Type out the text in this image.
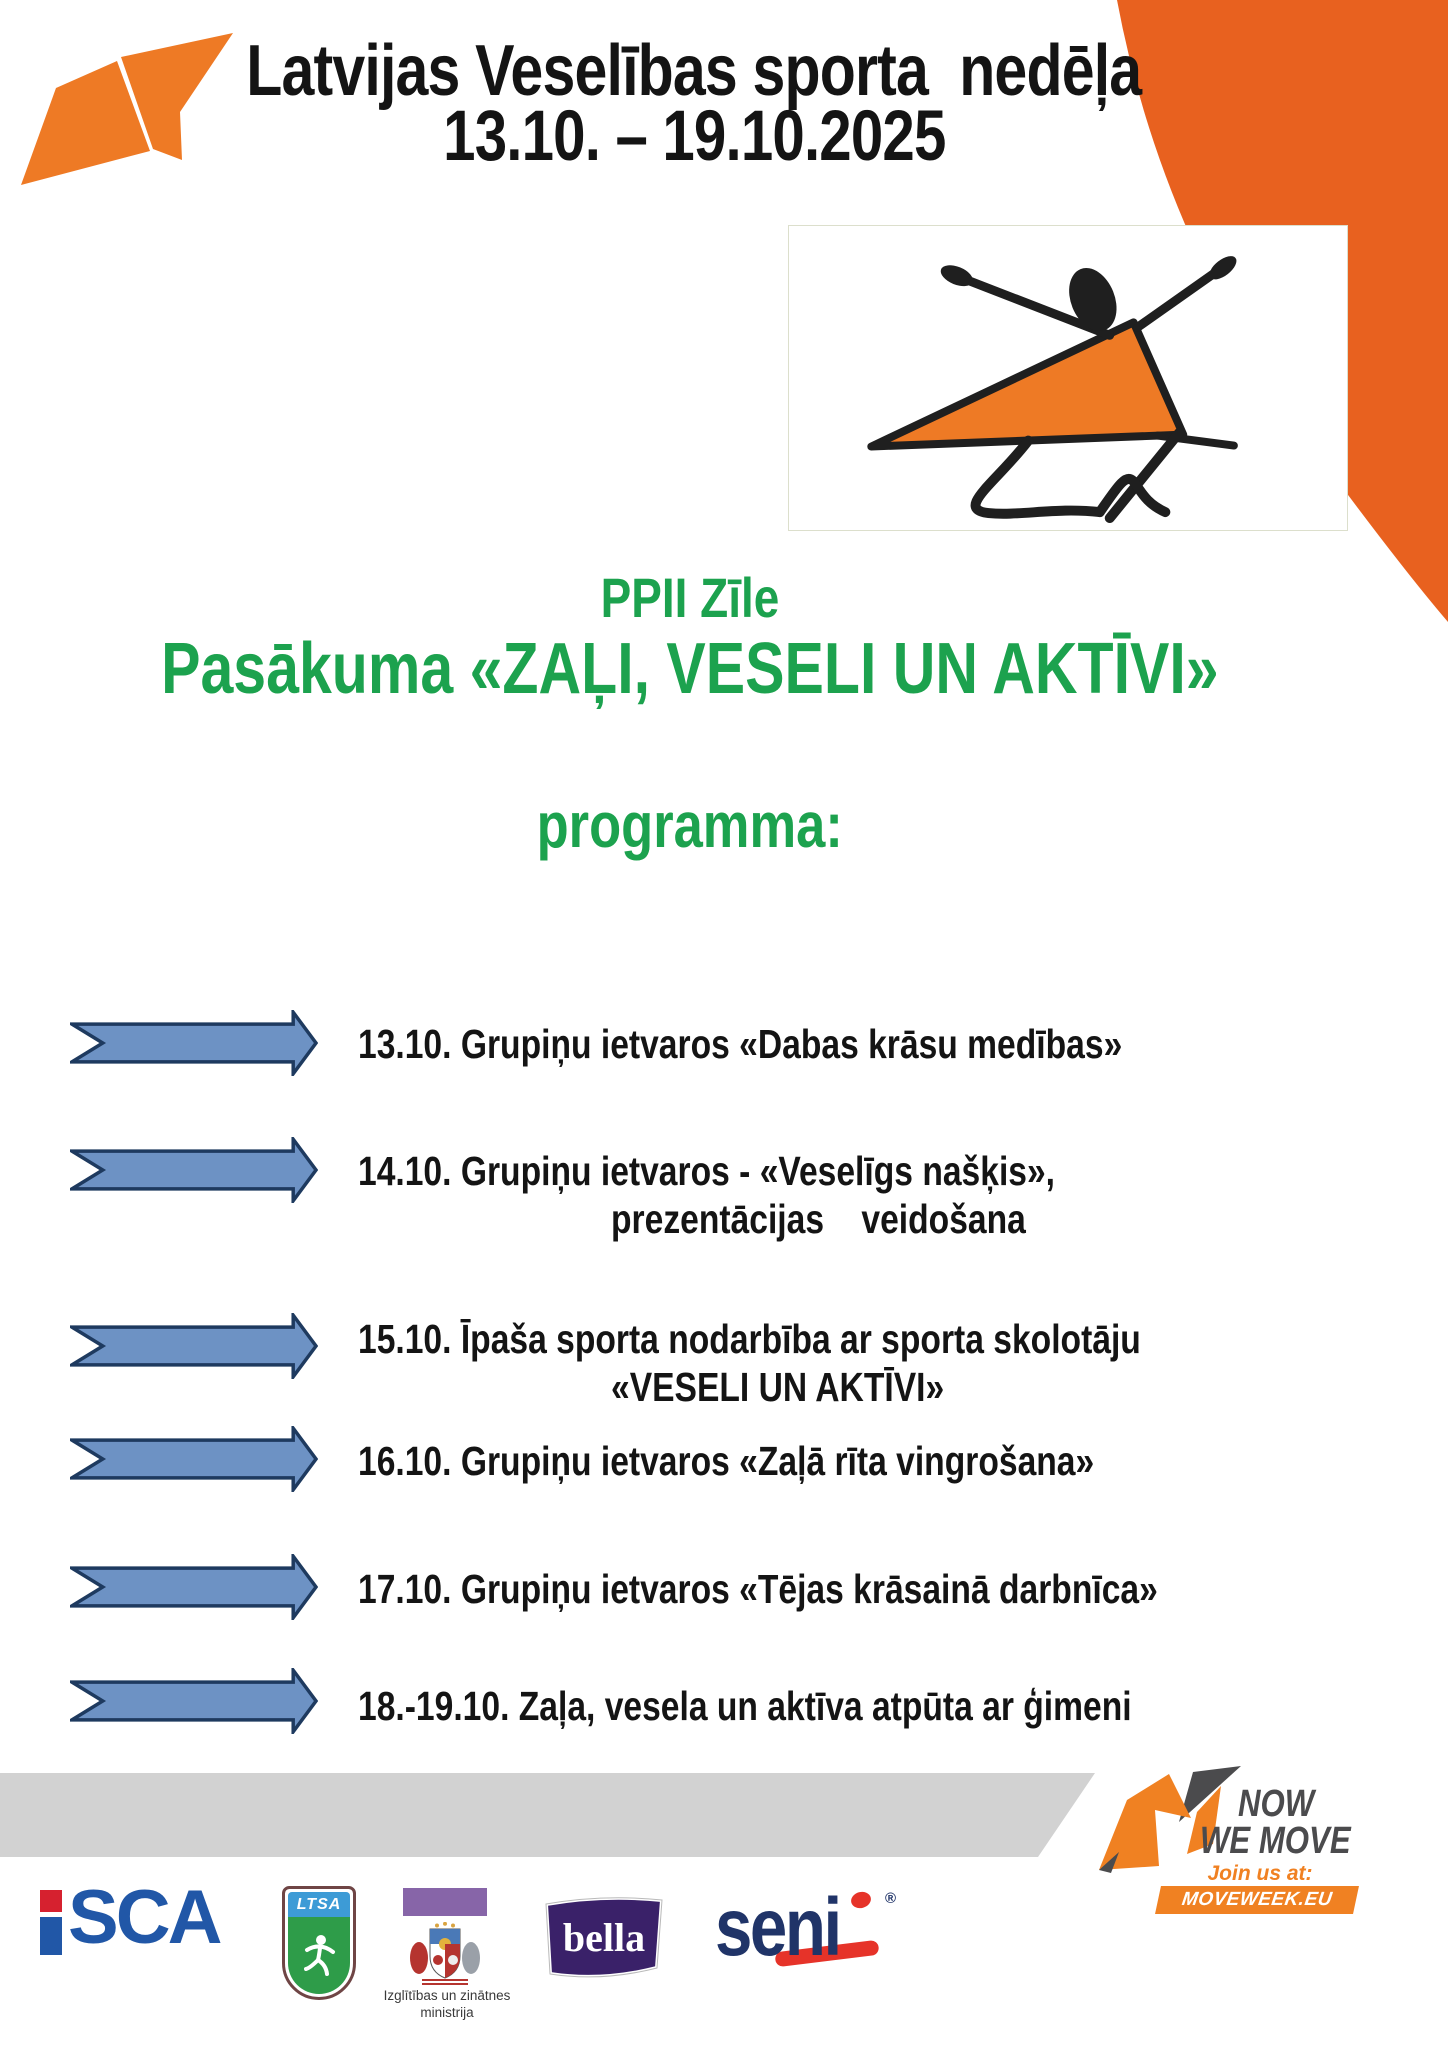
Latvijas Veselības sporta  nedēļa
13.10. – 19.10.2025
PPII Zīle
Pasākuma «ZAĻI, VESELI UN AKTĪVI»
programma:
13.10. Grupiņu ietvaros «Dabas krāsu medības»
14.10. Grupiņu ietvaros - «Veselīgs našķis»,
prezentācijas    veidošana
15.10. Īpaša sporta nodarbība ar sporta skolotāju
«VESELI UN AKTĪVI»
16.10. Grupiņu ietvaros «Zaļā rīta vingrošana»
17.10. Grupiņu ietvaros «Tējas krāsainā darbnīca»
18.-19.10. Zaļa, vesela un aktīva atpūta ar ģimeni
NOW
WE MOVE
Join us at:
MOVEWEEK.EU
SCA	LTSA
Izglītības un zinātnes
ministrija
bella seni	®
